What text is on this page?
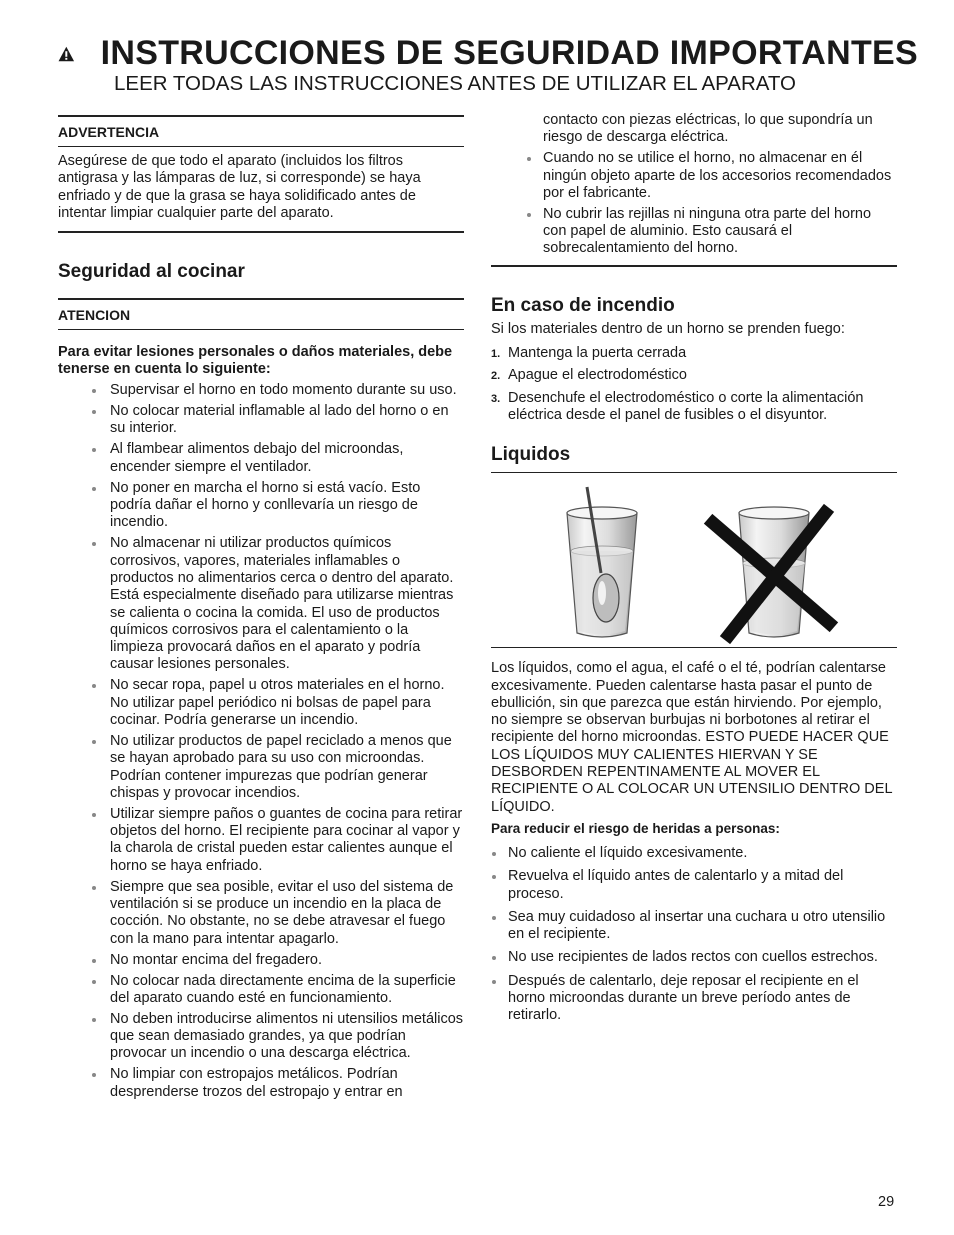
INSTRUCCIONES DE SEGURIDAD IMPORTANTES
LEER TODAS LAS INSTRUCCIONES ANTES DE UTILIZAR EL APARATO
ADVERTENCIA

Asegúrese de que todo el aparato (incluidos los filtros antigrasa y las lámparas de luz, si corresponde) se haya enfriado y de que la grasa se haya solidificado antes de intentar limpiar cualquier parte del aparato.

Seguridad al cocinar
ATENCION

Para evitar lesiones personales o daños materiales, debe tenerse en cuenta lo siguiente:

Supervisar el horno en todo momento durante su uso.
No colocar material inflamable al lado del horno o en su interior.
Al flambear alimentos debajo del microondas, encender siempre el ventilador.
No poner en marcha el horno si está vacío. Esto podría dañar el horno y conllevaría un riesgo de incendio.
No almacenar ni utilizar productos químicos corrosivos, vapores, materiales inflamables o productos no alimentarios cerca o dentro del aparato. Está especialmente diseñado para utilizarse mientras se calienta o cocina la comida. El uso de productos químicos corrosivos para el calentamiento o la limpieza provocará daños en el aparato y podría causar lesiones personales.
No secar ropa, papel u otros materiales en el horno. No utilizar papel periódico ni bolsas de papel para cocinar. Podría generarse un incendio.
No utilizar productos de papel reciclado a menos que se hayan aprobado para su uso con microondas. Podrían contener impurezas que podrían generar chispas y provocar incendios.
Utilizar siempre paños o guantes de cocina para retirar objetos del horno. El recipiente para cocinar al vapor y la charola de cristal pueden estar calientes aunque el horno se haya enfriado.
Siempre que sea posible, evitar el uso del sistema de ventilación si se produce un incendio en la placa de cocción. No obstante, no se debe atravesar el fuego con la mano para intentar apagarlo.
No montar encima del fregadero.
No colocar nada directamente encima de la superficie del aparato cuando esté en funcionamiento.
No deben introducirse alimentos ni utensilios metálicos que sean demasiado grandes, ya que podrían provocar un incendio o una descarga eléctrica.
No limpiar con estropajos metálicos. Podrían desprenderse trozos del estropajo y entrar en
contacto con piezas eléctricas, lo que supondría un riesgo de descarga eléctrica.
Cuando no se utilice el horno, no almacenar en él ningún objeto aparte de los accesorios recomendados por el fabricante.
No cubrir las rejillas ni ninguna otra parte del horno con papel de aluminio. Esto causará el sobrecalentamiento del horno.
En caso de incendio

Si los materiales dentro de un horno se prenden fuego:

1. Mantenga la puerta cerrada
2. Apague el electrodoméstico
3. Desenchufe el electrodoméstico o corte la alimentación eléctrica desde el panel de fusibles o el disyuntor.
Liquidos

Los líquidos, como el agua, el café o el té, podrían calentarse excesivamente. Pueden calentarse hasta pasar el punto de ebullición, sin que parezca que están hirviendo. Por ejemplo, no siempre se observan burbujas ni borbotones al retirar el recipiente del horno microondas. ESTO PUEDE HACER QUE LOS LÍQUIDOS MUY CALIENTES HIERVAN Y SE DESBORDEN REPENTINAMENTE AL MOVER EL RECIPIENTE O AL COLOCAR UN UTENSILIO DENTRO DEL LÍQUIDO.

Para reducir el riesgo de heridas a personas:

No caliente el líquido excesivamente.
Revuelva el líquido antes de calentarlo y a mitad del proceso.
Sea muy cuidadoso al insertar una cuchara u otro utensilio en el recipiente.
No use recipientes de lados rectos con cuellos estrechos.
Después de calentarlo, deje reposar el recipiente en el horno microondas durante un breve período antes de retirarlo.
29
